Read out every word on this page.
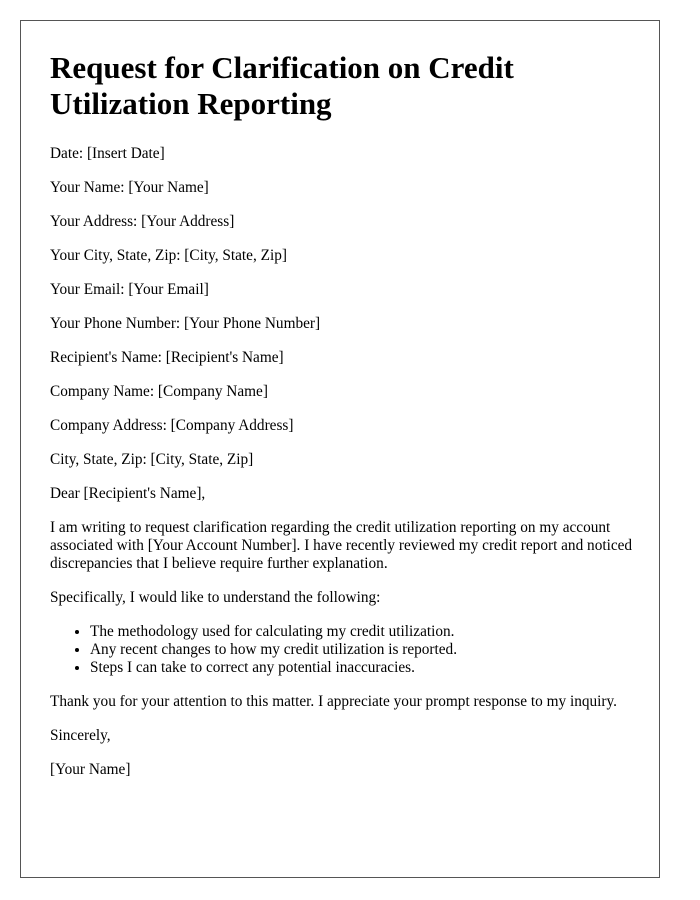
Request for Clarification on Credit Utilization Reporting

Date: [Insert Date]

Your Name: [Your Name]

Your Address: [Your Address]

Your City, State, Zip: [City, State, Zip]

Your Email: [Your Email]

Your Phone Number: [Your Phone Number]

Recipient's Name: [Recipient's Name]

Company Name: [Company Name]

Company Address: [Company Address]

City, State, Zip: [City, State, Zip]

Dear [Recipient's Name],

I am writing to request clarification regarding the credit utilization reporting on my account associated with [Your Account Number]. I have recently reviewed my credit report and noticed discrepancies that I believe require further explanation.

Specifically, I would like to understand the following:

• The methodology used for calculating my credit utilization.
• Any recent changes to how my credit utilization is reported.
• Steps I can take to correct any potential inaccuracies.

Thank you for your attention to this matter. I appreciate your prompt response to my inquiry.

Sincerely,

[Your Name]
